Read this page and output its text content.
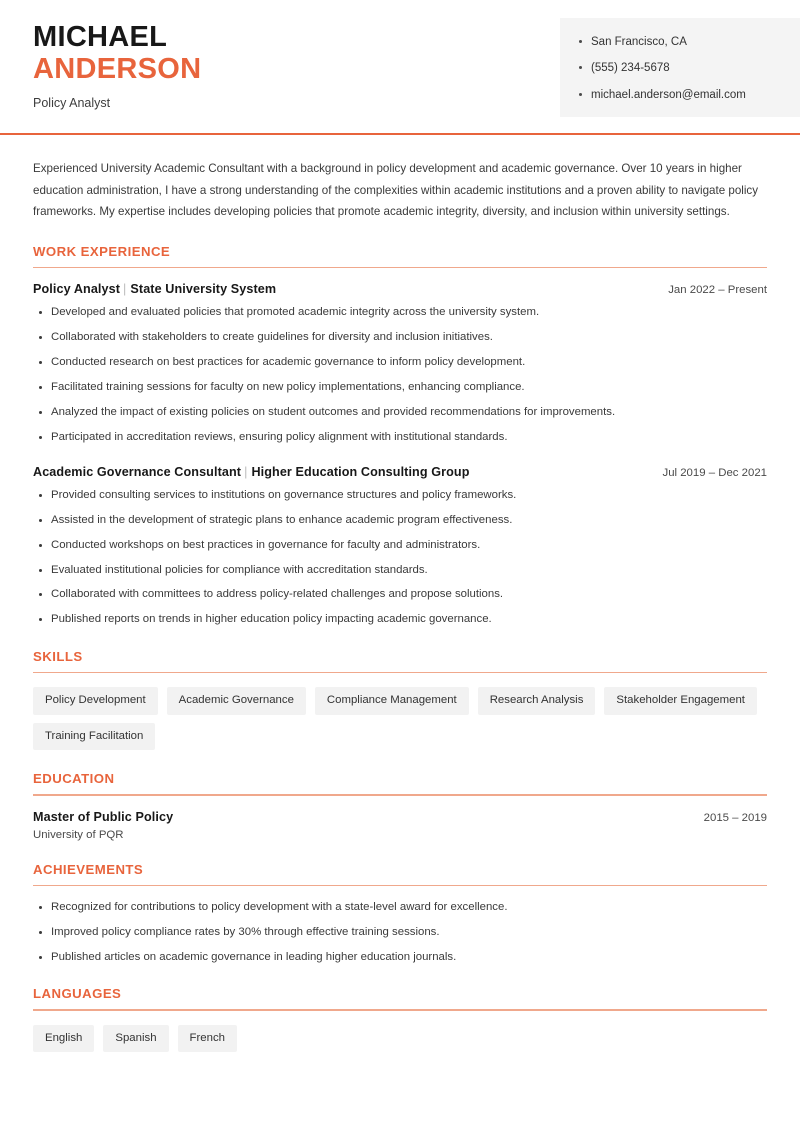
MICHAEL
ANDERSON
Policy Analyst
San Francisco, CA
(555) 234-5678
michael.anderson@email.com

Experienced University Academic Consultant with a background in policy development and academic governance. Over 10 years in higher education administration, I have a strong understanding of the complexities within academic institutions and a proven ability to navigate policy frameworks. My expertise includes developing policies that promote academic integrity, diversity, and inclusion within university settings.

WORK EXPERIENCE
Policy Analyst | State University System	Jan 2022 – Present
Developed and evaluated policies that promoted academic integrity across the university system.
Collaborated with stakeholders to create guidelines for diversity and inclusion initiatives.
Conducted research on best practices for academic governance to inform policy development.
Facilitated training sessions for faculty on new policy implementations, enhancing compliance.
Analyzed the impact of existing policies on student outcomes and provided recommendations for improvements.
Participated in accreditation reviews, ensuring policy alignment with institutional standards.
Academic Governance Consultant | Higher Education Consulting Group	Jul 2019 – Dec 2021
Provided consulting services to institutions on governance structures and policy frameworks.
Assisted in the development of strategic plans to enhance academic program effectiveness.
Conducted workshops on best practices in governance for faculty and administrators.
Evaluated institutional policies for compliance with accreditation standards.
Collaborated with committees to address policy-related challenges and propose solutions.
Published reports on trends in higher education policy impacting academic governance.
SKILLS
Policy Development	Academic Governance	Compliance Management	Research Analysis	Stakeholder Engagement
Training Facilitation
EDUCATION
Master of Public Policy	2015 – 2019
University of PQR
ACHIEVEMENTS
Recognized for contributions to policy development with a state-level award for excellence.
Improved policy compliance rates by 30% through effective training sessions.
Published articles on academic governance in leading higher education journals.
LANGUAGES
English	Spanish	French
